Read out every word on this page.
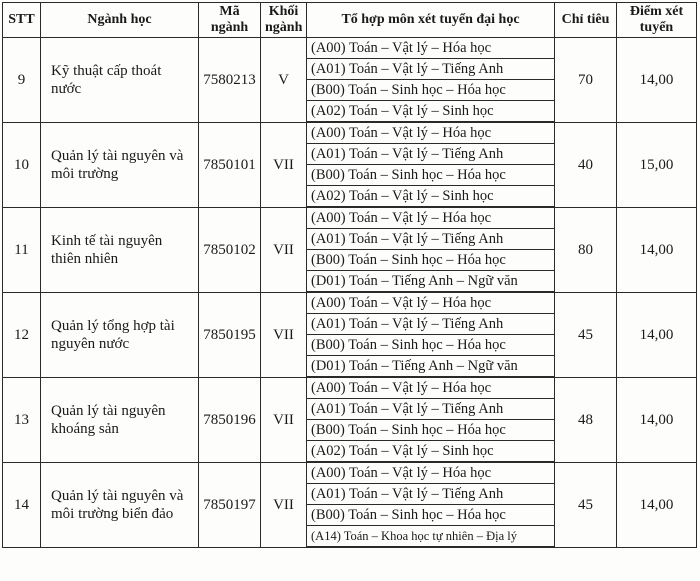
STT	Ngành học	Mã ngành	Khối ngành	Tổ hợp môn xét tuyển đại học	Chỉ tiêu	Điểm xét tuyển
9	Kỹ thuật cấp thoát nước	7580213	V	(A00) Toán – Vật lý – Hóa học	70	14,00
				(A01) Toán – Vật lý – Tiếng Anh		
				(B00) Toán – Sinh học – Hóa học		
				(A02) Toán – Vật lý – Sinh học		
10	Quản lý tài nguyên và môi trường	7850101	VII	(A00) Toán – Vật lý – Hóa học	40	15,00
				(A01) Toán – Vật lý – Tiếng Anh		
				(B00) Toán – Sinh học – Hóa học		
				(A02) Toán – Vật lý – Sinh học		
11	Kinh tế tài nguyên thiên nhiên	7850102	VII	(A00) Toán – Vật lý – Hóa học	80	14,00
				(A01) Toán – Vật lý – Tiếng Anh		
				(B00) Toán – Sinh học – Hóa học		
				(D01) Toán – Tiếng Anh – Ngữ văn		
12	Quản lý tổng hợp tài nguyên nước	7850195	VII	(A00) Toán – Vật lý – Hóa học	45	14,00
				(A01) Toán – Vật lý – Tiếng Anh		
				(B00) Toán – Sinh học – Hóa học		
				(D01) Toán – Tiếng Anh – Ngữ văn		
13	Quản lý tài nguyên khoáng sản	7850196	VII	(A00) Toán – Vật lý – Hóa học	48	14,00
				(A01) Toán – Vật lý – Tiếng Anh		
				(B00) Toán – Sinh học – Hóa học		
				(A02) Toán – Vật lý – Sinh học		
14	Quản lý tài nguyên và môi trường biển đảo	7850197	VII	(A00) Toán – Vật lý – Hóa học	45	14,00
				(A01) Toán – Vật lý – Tiếng Anh		
				(B00) Toán – Sinh học – Hóa học		
				(A14) Toán – Khoa học tự nhiên – Địa lý		
